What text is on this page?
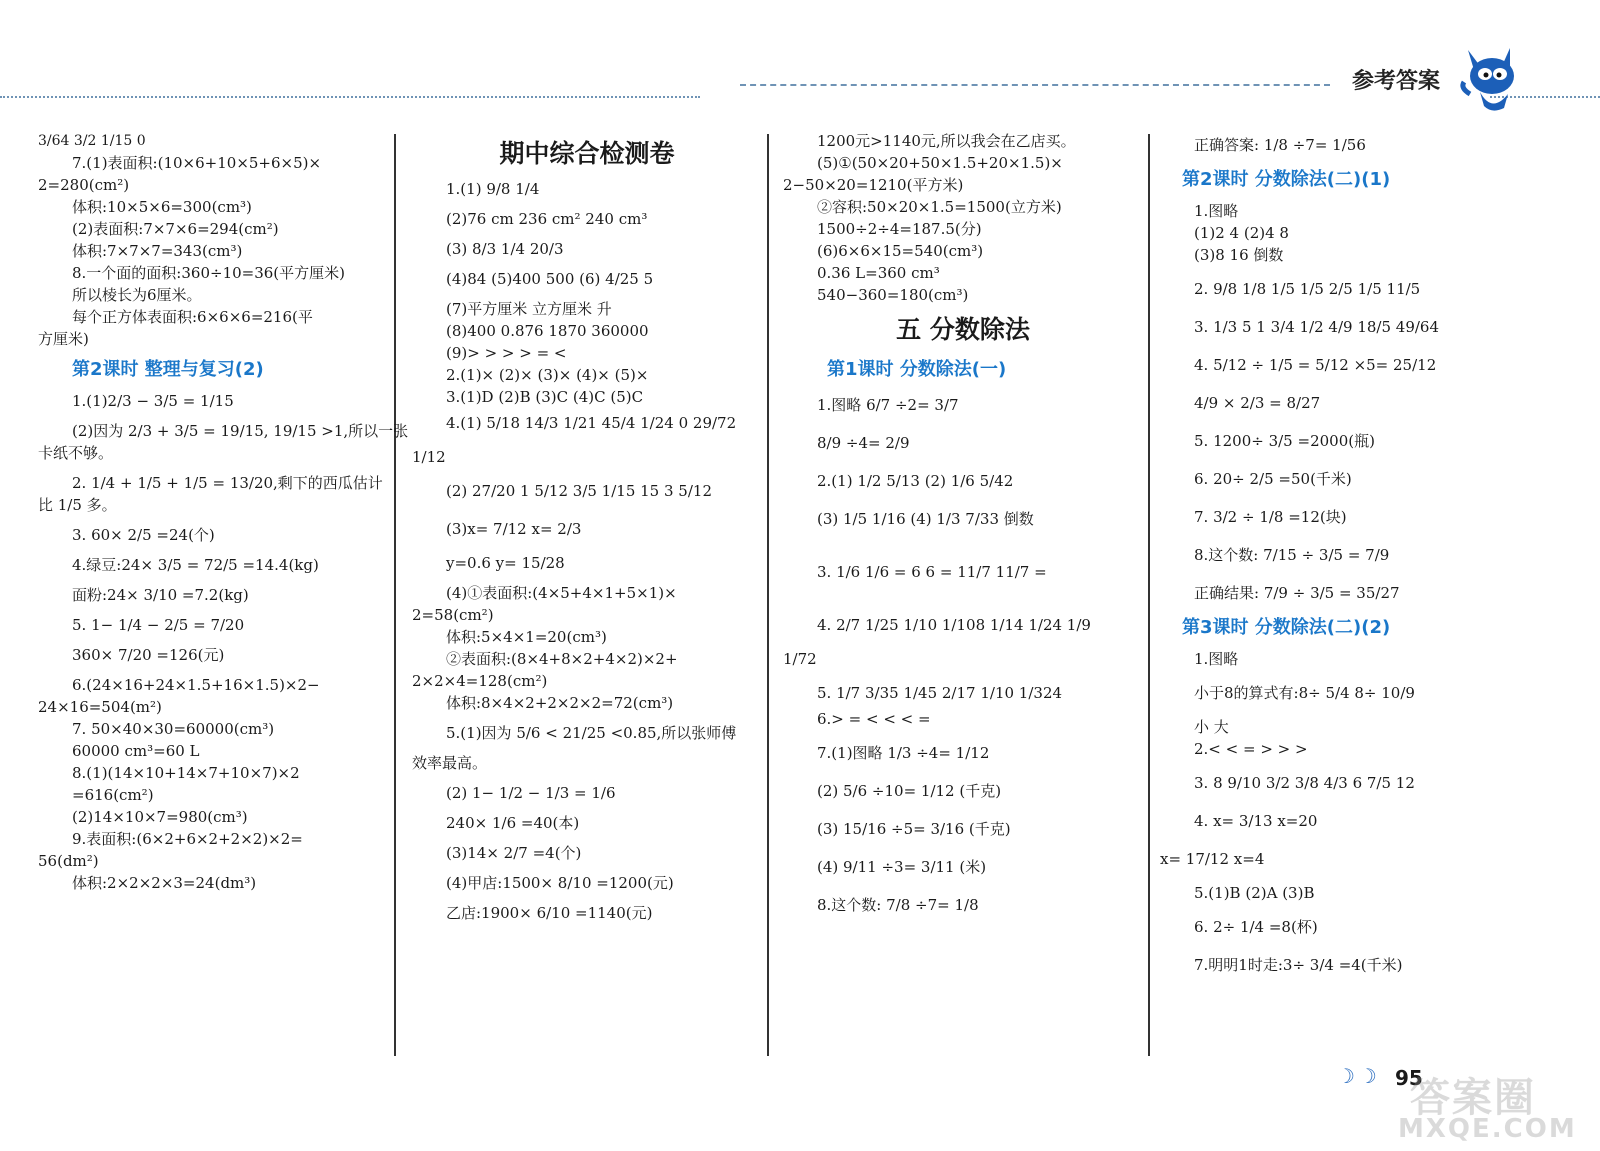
参考答案
3/64 3/2 1/15 0
7.(1)表面积:(10×6+10×5+6×5)×
2=280(cm²)
体积:10×5×6=300(cm³)
(2)表面积:7×7×6=294(cm²)
体积:7×7×7=343(cm³)
8.一个面的面积:360÷10=36(平方厘米)
所以棱长为6厘米。
每个正方体表面积:6×6×6=216(平
方厘米)
第2课时 整理与复习(2)
1.(1)2/3 − 3/5 = 1/15
(2)因为 2/3 + 3/5 = 19/15, 19/15 >1,所以一张
卡纸不够。
2. 1/4 + 1/5 + 1/5 = 13/20,剩下的西瓜估计
比 1/5 多。
3. 60× 2/5 =24(个)
4.绿豆:24× 3/5 = 72/5 =14.4(kg)
面粉:24× 3/10 =7.2(kg)
5. 1− 1/4 − 2/5 = 7/20
360× 7/20 =126(元)
6.(24×16+24×1.5+16×1.5)×2−
24×16=504(m²)
7. 50×40×30=60000(cm³)
60000 cm³=60 L
8.(1)(14×10+14×7+10×7)×2
=616(cm²)
(2)14×10×7=980(cm³)
9.表面积:(6×2+6×2+2×2)×2=
56(dm²)
体积:2×2×2×3=24(dm³)
期中综合检测卷
1.(1) 9/8 1/4
(2)76 cm 236 cm² 240 cm³
(3) 8/3 1/4 20/3
(4)84 (5)400 500 (6) 4/25 5
(7)平方厘米 立方厘米 升
(8)400 0.876 1870 360000
(9)> > > > = <
2.(1)× (2)× (3)× (4)× (5)×
3.(1)D (2)B (3)C (4)C (5)C
4.(1) 5/18 14/3 1/21 45/4 1/24 0 29/72
1/12
(2) 27/20 1 5/12 3/5 1/15 15 3 5/12
(3)x= 7/12 x= 2/3
y=0.6 y= 15/28
(4)①表面积:(4×5+4×1+5×1)×
2=58(cm²)
体积:5×4×1=20(cm³)
②表面积:(8×4+8×2+4×2)×2+
2×2×4=128(cm²)
体积:8×4×2+2×2×2=72(cm³)
5.(1)因为 5/6 < 21/25 <0.85,所以张师傅
效率最高。
(2) 1− 1/2 − 1/3 = 1/6
240× 1/6 =40(本)
(3)14× 2/7 =4(个)
(4)甲店:1500× 8/10 =1200(元)
乙店:1900× 6/10 =1140(元)
1200元>1140元,所以我会在乙店买。
(5)①(50×20+50×1.5+20×1.5)×
2−50×20=1210(平方米)
②容积:50×20×1.5=1500(立方米)
1500÷2÷4=187.5(分)
(6)6×6×15=540(cm³)
0.36 L=360 cm³
540−360=180(cm³)
五 分数除法
第1课时 分数除法(一)
1.图略 6/7 ÷2= 3/7
8/9 ÷4= 2/9
2.(1) 1/2 5/13 (2) 1/6 5/42
(3) 1/5 1/16 (4) 1/3 7/33 倒数
3. 1/6 1/6 = 6 6 = 11/7 11/7 =
4. 2/7 1/25 1/10 1/108 1/14 1/24 1/9
1/72
5. 1/7 3/35 1/45 2/17 1/10 1/324
6.> = < < < =
7.(1)图略 1/3 ÷4= 1/12
(2) 5/6 ÷10= 1/12 (千克)
(3) 15/16 ÷5= 3/16 (千克)
(4) 9/11 ÷3= 3/11 (米)
8.这个数: 7/8 ÷7= 1/8
正确答案: 1/8 ÷7= 1/56
第2课时 分数除法(二)(1)
1.图略
(1)2 4 (2)4 8
(3)8 16 倒数
2. 9/8 1/8 1/5 1/5 2/5 1/5 11/5
3. 1/3 5 1 3/4 1/2 4/9 18/5 49/64
4. 5/12 ÷ 1/5 = 5/12 ×5= 25/12
4/9 × 2/3 = 8/27
5. 1200÷ 3/5 =2000(瓶)
6. 20÷ 2/5 =50(千米)
7. 3/2 ÷ 1/8 =12(块)
8.这个数: 7/15 ÷ 3/5 = 7/9
正确结果: 7/9 ÷ 3/5 = 35/27
第3课时 分数除法(二)(2)
1.图略
小于8的算式有:8÷ 5/4 8÷ 10/9
小 大
2.< < = > > >
3. 8 9/10 3/2 3/8 4/3 6 7/5 12
4. x= 3/13 x=20
x= 17/12 x=4
5.(1)B (2)A (3)B
6. 2÷ 1/4 =8(杯)
7.明明1时走:3÷ 3/4 =4(千米)
☽☽ 95
答案圈
MXQE.COM
